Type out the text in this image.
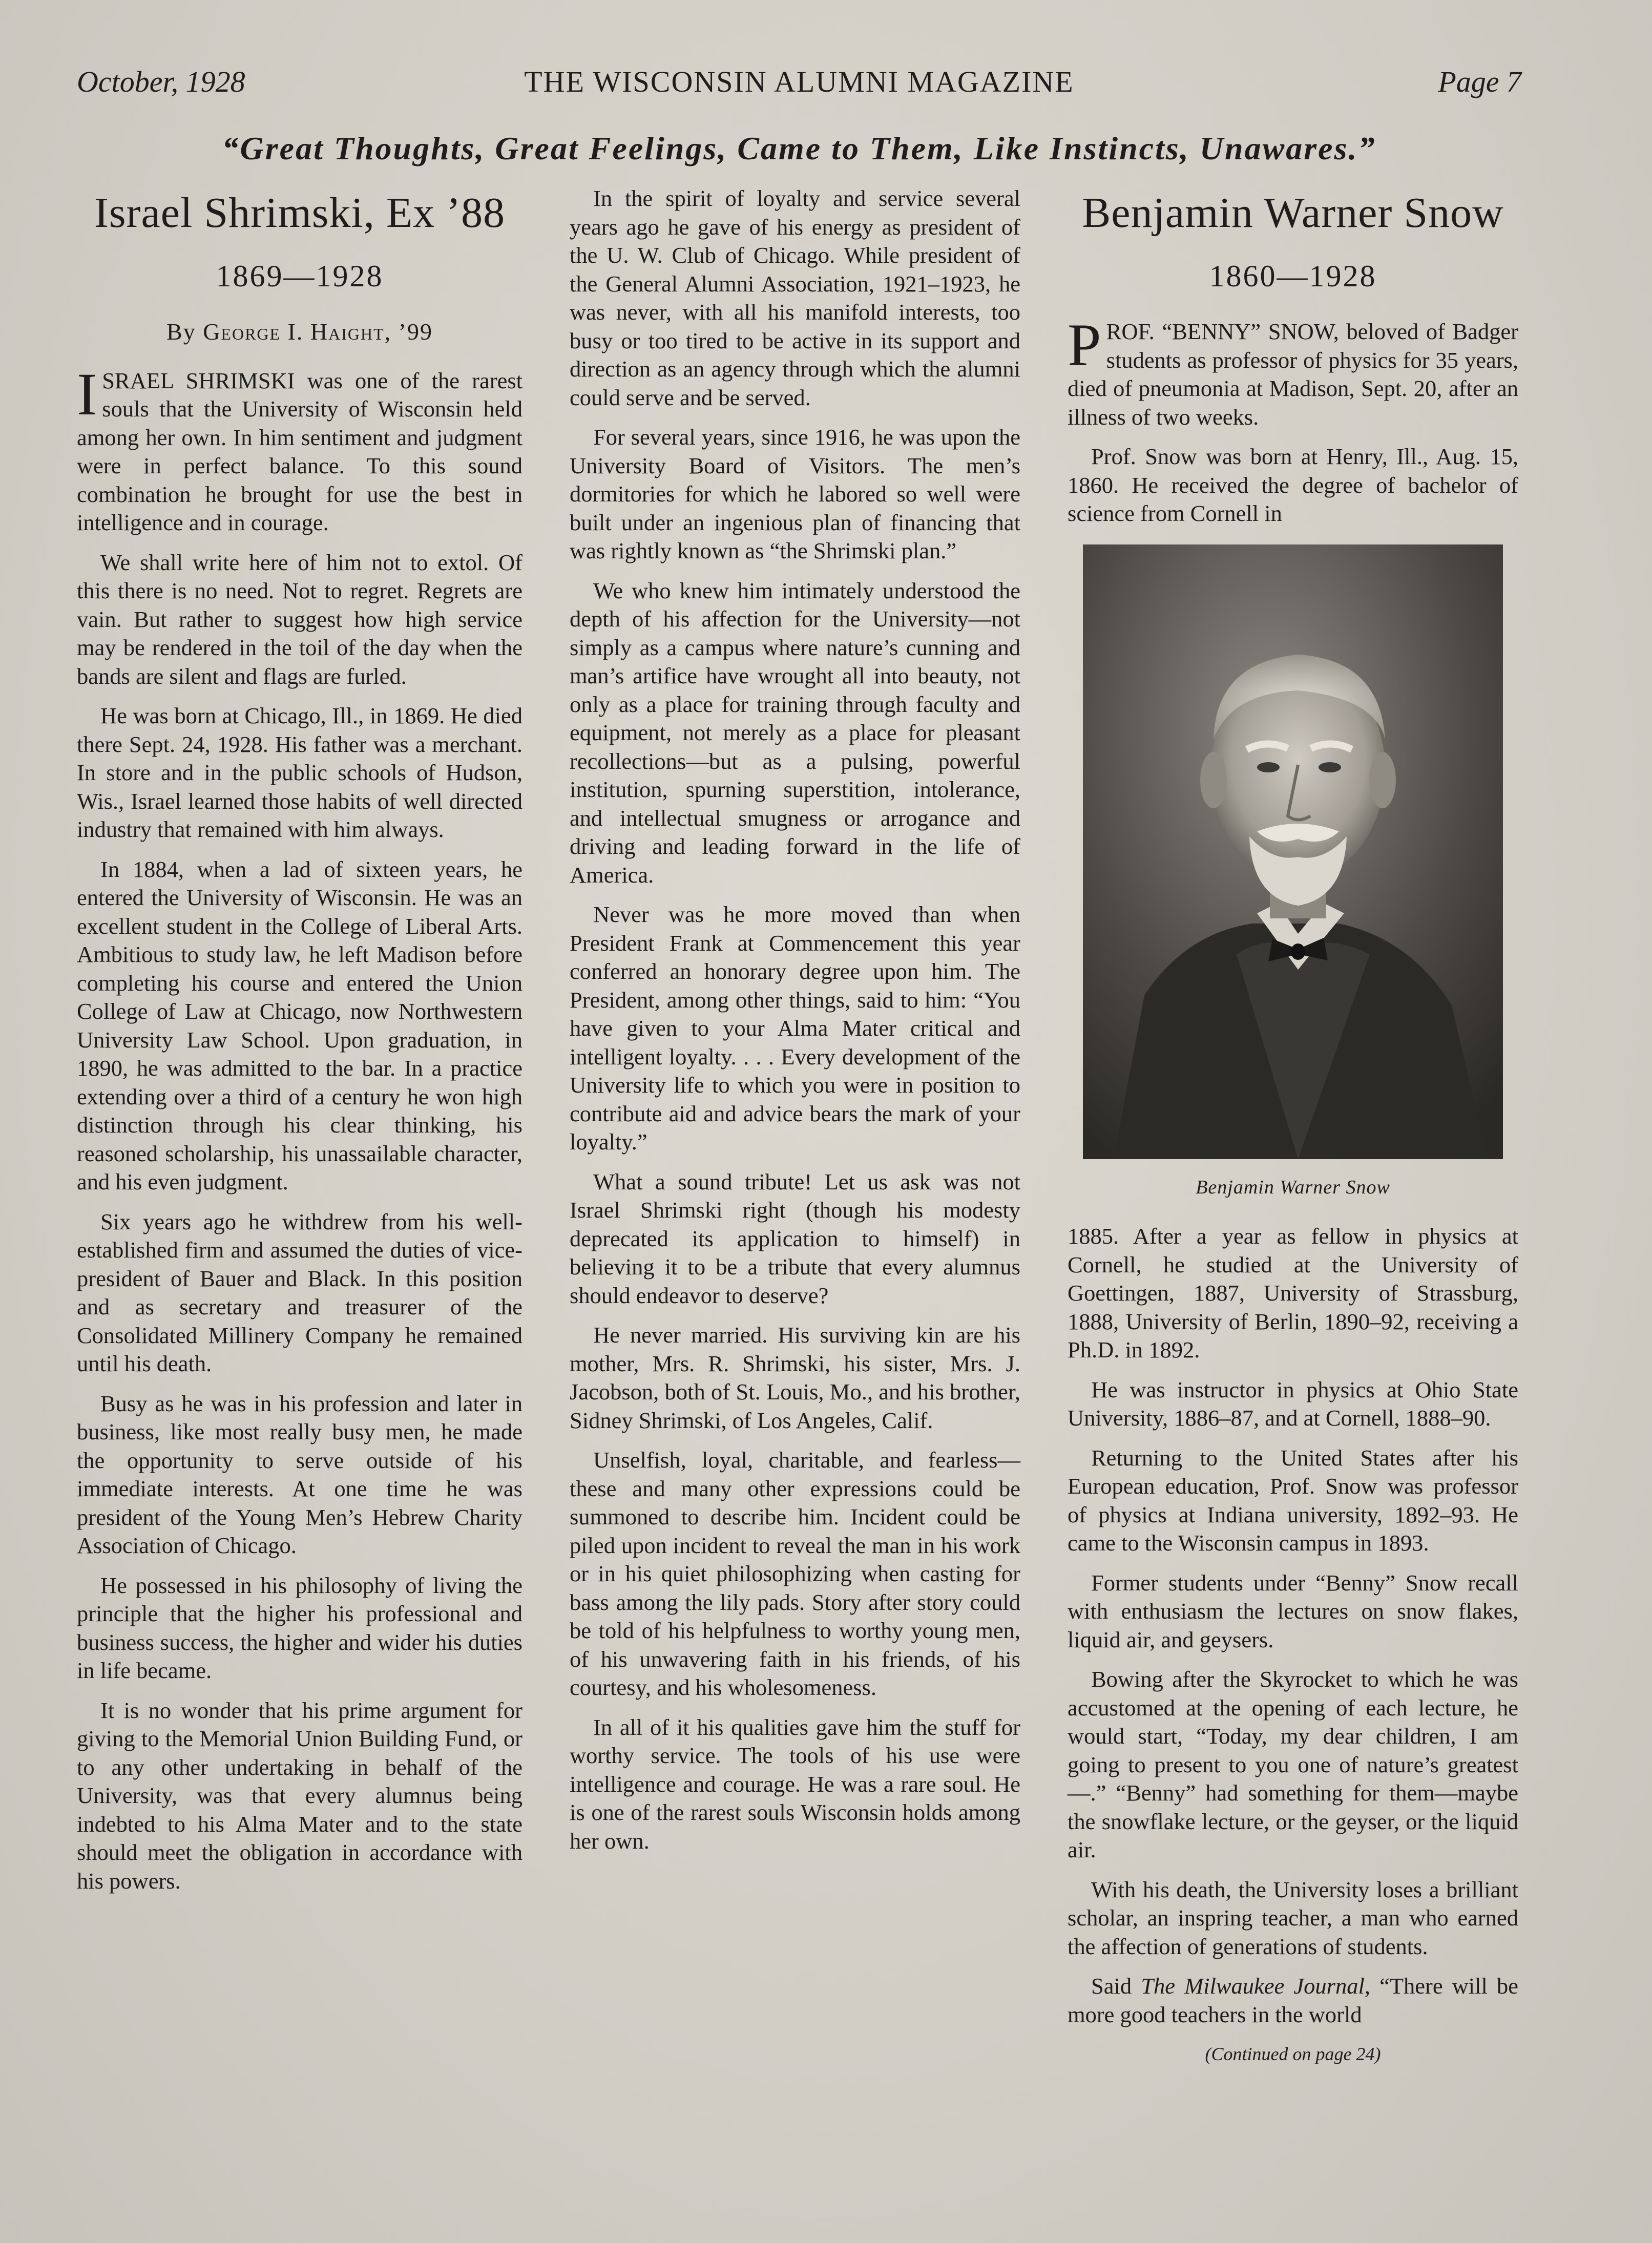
October, 1928	THE WISCONSIN ALUMNI MAGAZINE	Page 7
“Great Thoughts, Great Feelings, Came to Them, Like Instincts, Unawares.”
Israel Shrimski, Ex ’88
1869—1928
By George I. Haight, ’99

ISRAEL SHRIMSKI was one of the rarest souls that the University of Wisconsin held among her own. In him sentiment and judgment were in perfect balance. To this sound combination he brought for use the best in intelligence and in courage.

We shall write here of him not to extol. Of this there is no need. Not to regret. Regrets are vain. But rather to suggest how high service may be rendered in the toil of the day when the bands are silent and flags are furled.

He was born at Chicago, Ill., in 1869. He died there Sept. 24, 1928. His father was a merchant. In store and in the public schools of Hudson, Wis., Israel learned those habits of well directed industry that remained with him always.

In 1884, when a lad of sixteen years, he entered the University of Wisconsin. He was an excellent student in the College of Liberal Arts. Ambitious to study law, he left Madison before completing his course and entered the Union College of Law at Chicago, now Northwestern University Law School. Upon graduation, in 1890, he was admitted to the bar. In a practice extending over a third of a century he won high distinction through his clear thinking, his reasoned scholarship, his unassailable character, and his even judgment.

Six years ago he withdrew from his well-established firm and assumed the duties of vice-president of Bauer and Black. In this position and as secretary and treasurer of the Consolidated Millinery Company he remained until his death.

Busy as he was in his profession and later in business, like most really busy men, he made the opportunity to serve outside of his immediate interests. At one time he was president of the Young Men’s Hebrew Charity Association of Chicago.

He possessed in his philosophy of living the principle that the higher his professional and business success, the higher and wider his duties in life became.

It is no wonder that his prime argument for giving to the Memorial Union Building Fund, or to any other undertaking in behalf of the University, was that every alumnus being indebted to his Alma Mater and to the state should meet the obligation in accordance with his powers.

In the spirit of loyalty and service several years ago he gave of his energy as president of the U. W. Club of Chicago. While president of the General Alumni Association, 1921–1923, he was never, with all his manifold interests, too busy or too tired to be active in its support and direction as an agency through which the alumni could serve and be served.

For several years, since 1916, he was upon the University Board of Visitors. The men’s dormitories for which he labored so well were built under an ingenious plan of financing that was rightly known as “the Shrimski plan.”

We who knew him intimately understood the depth of his affection for the University—not simply as a campus where nature’s cunning and man’s artifice have wrought all into beauty, not only as a place for training through faculty and equipment, not merely as a place for pleasant recollections—but as a pulsing, powerful institution, spurning superstition, intolerance, and intellectual smugness or arrogance and driving and leading forward in the life of America.

Never was he more moved than when President Frank at Commencement this year conferred an honorary degree upon him. The President, among other things, said to him: “You have given to your Alma Mater critical and intelligent loyalty. . . . Every development of the University life to which you were in position to contribute aid and advice bears the mark of your loyalty.”

What a sound tribute! Let us ask was not Israel Shrimski right (though his modesty deprecated its application to himself) in believing it to be a tribute that every alumnus should endeavor to deserve?

He never married. His surviving kin are his mother, Mrs. R. Shrimski, his sister, Mrs. J. Jacobson, both of St. Louis, Mo., and his brother, Sidney Shrimski, of Los Angeles, Calif.

Unselfish, loyal, charitable, and fearless—these and many other expressions could be summoned to describe him. Incident could be piled upon incident to reveal the man in his work or in his quiet philosophizing when casting for bass among the lily pads. Story after story could be told of his helpfulness to worthy young men, of his unwavering faith in his friends, of his courtesy, and his wholesomeness.

In all of it his qualities gave him the stuff for worthy service. The tools of his use were intelligence and courage. He was a rare soul. He is one of the rarest souls Wisconsin holds among her own.

Benjamin Warner Snow
1860—1928

PROF. “BENNY” SNOW, beloved of Badger students as professor of physics for 35 years, died of pneumonia at Madison, Sept. 20, after an illness of two weeks.

Prof. Snow was born at Henry, Ill., Aug. 15, 1860. He received the degree of bachelor of science from Cornell in

Benjamin Warner Snow

1885. After a year as fellow in physics at Cornell, he studied at the University of Goettingen, 1887, University of Strassburg, 1888, University of Berlin, 1890–92, receiving a Ph.D. in 1892.

He was instructor in physics at Ohio State University, 1886–87, and at Cornell, 1888–90.

Returning to the United States after his European education, Prof. Snow was professor of physics at Indiana university, 1892–93. He came to the Wisconsin campus in 1893.

Former students under “Benny” Snow recall with enthusiasm the lectures on snow flakes, liquid air, and geysers.

Bowing after the Skyrocket to which he was accustomed at the opening of each lecture, he would start, “Today, my dear children, I am going to present to you one of nature’s greatest—.” “Benny” had something for them—maybe the snowflake lecture, or the geyser, or the liquid air.

With his death, the University loses a brilliant scholar, an inspring teacher, a man who earned the affection of generations of students.

Said The Milwaukee Journal, “There will be more good teachers in the world

(Continued on page 24)
